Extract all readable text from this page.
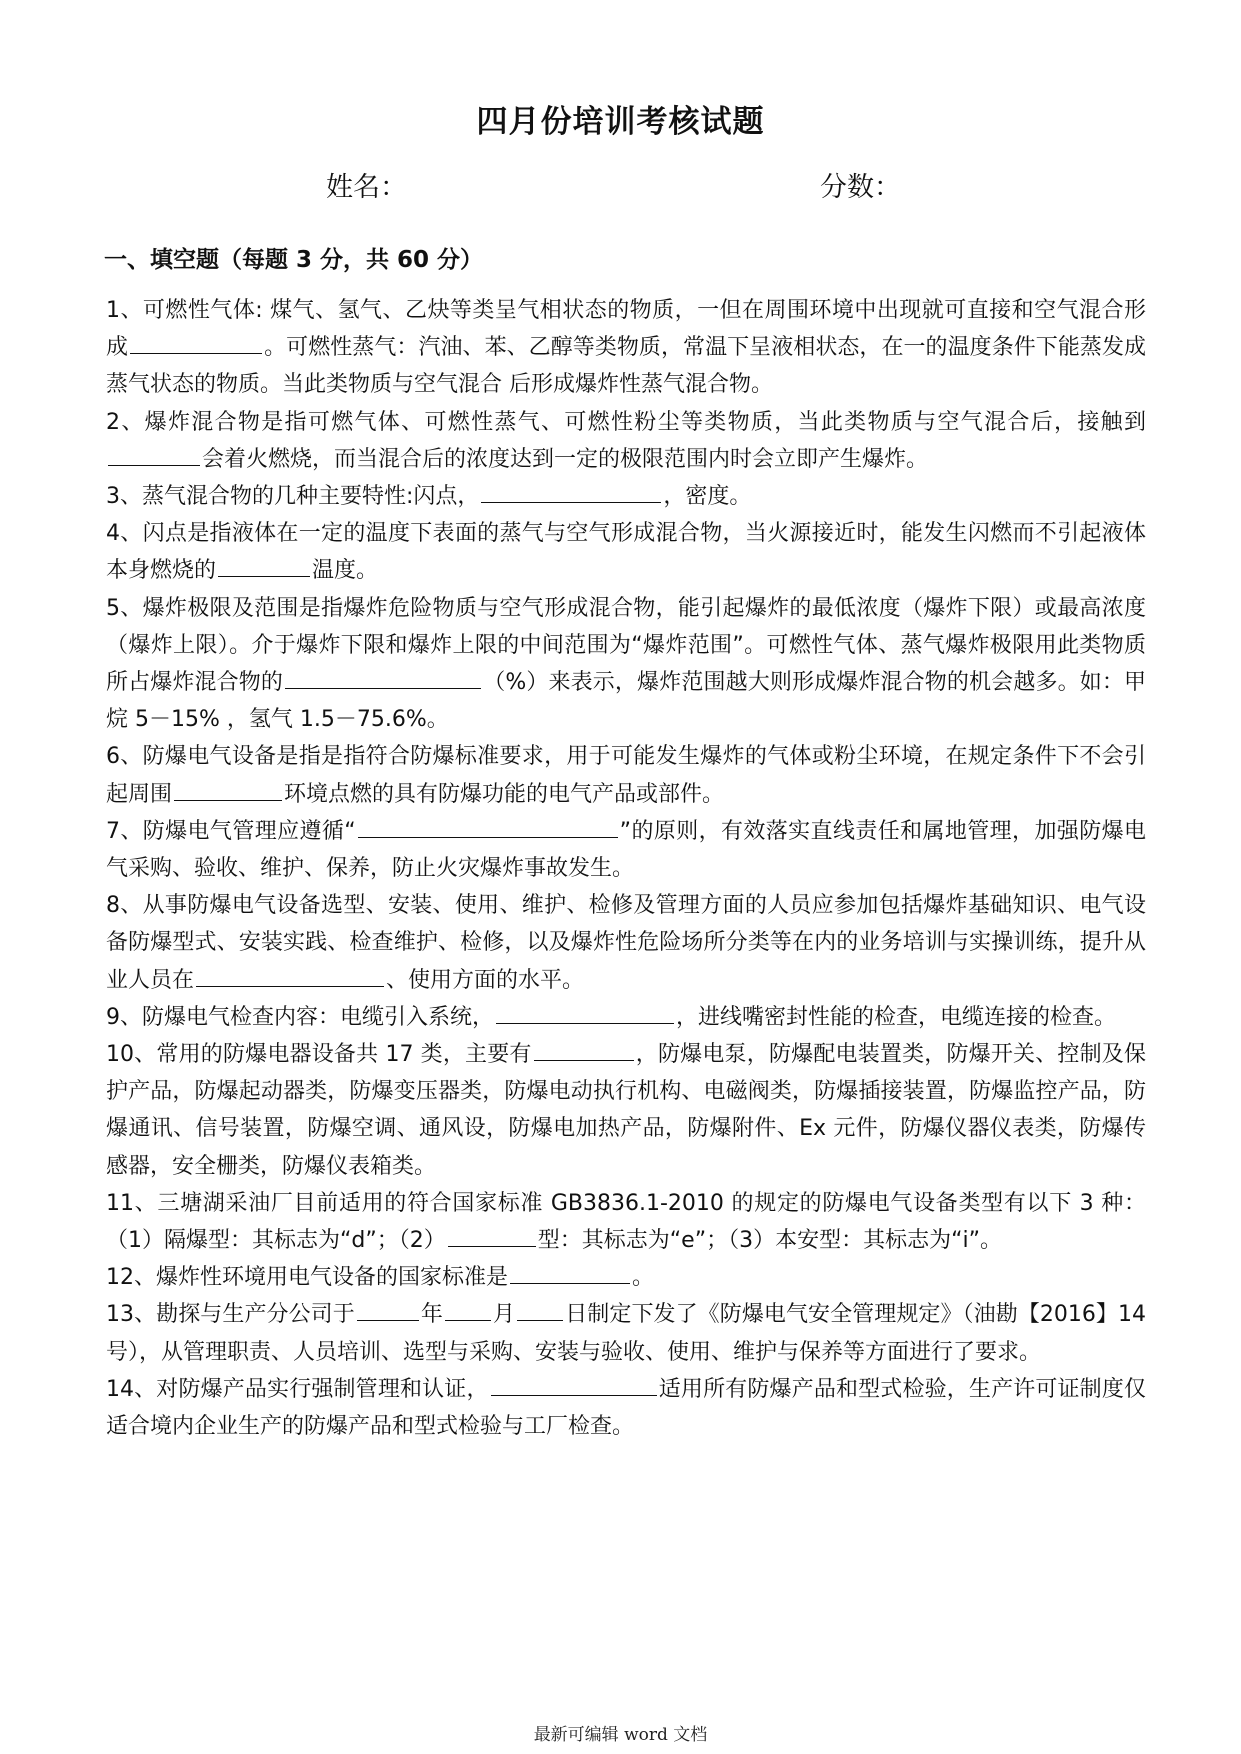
四月份培训考核试题
姓名：	分数：
一、填空题（每题 3 分，共 60 分）

1、可燃性气体: 煤气、氢气、乙炔等类呈气相状态的物质，一但在周围环境中出现就可直接和空气混合形成	。可燃性蒸气：汽油、苯、乙醇等类物质，常温下呈液相状态，在一的温度条件下能蒸发成蒸气状态的物质。当此类物质与空气混合 后形成爆炸性蒸气混合物。

2、爆炸混合物是指可燃气体、可燃性蒸气、可燃性粉尘等类物质，当此类物质与空气混合后，接触到会着火燃烧，而当混合后的浓度达到一定的极限范围内时会立即产生爆炸。

3、蒸气混合物的几种主要特性:闪点，	，密度。

4、闪点是指液体在一定的温度下表面的蒸气与空气形成混合物，当火源接近时，能发生闪燃而不引起液体本身燃烧的	温度。

5、爆炸极限及范围是指爆炸危险物质与空气形成混合物，能引起爆炸的最低浓度（爆炸下限）或最高浓度（爆炸上限）。介于爆炸下限和爆炸上限的中间范围为“爆炸范围”。可燃性气体、蒸气爆炸极限用此类物质所占爆炸混合物的	（%）来表示，爆炸范围越大则形成爆炸混合物的机会越多。如：甲烷 5－15% ，氢气 1.5－75.6%。

6、防爆电气设备是指是指符合防爆标准要求，用于可能发生爆炸的气体或粉尘环境，在规定条件下不会引起周围	环境点燃的具有防爆功能的电气产品或部件。

7、防爆电气管理应遵循“	”的原则，有效落实直线责任和属地管理，加强防爆电气采购、验收、维护、保养，防止火灾爆炸事故发生。

8、从事防爆电气设备选型、安装、使用、维护、检修及管理方面的人员应参加包括爆炸基础知识、电气设备防爆型式、安装实践、检查维护、检修，以及爆炸性危险场所分类等在内的业务培训与实操训练，提升从业人员在	、使用方面的水平。

9、防爆电气检查内容：电缆引入系统，	，进线嘴密封性能的检查，电缆连接的检查。

10、常用的防爆电器设备共 17 类，主要有	，防爆电泵，防爆配电装置类，防爆开关、控制及保护产品，防爆起动器类，防爆变压器类，防爆电动执行机构、电磁阀类，防爆插接装置，防爆监控产品，防爆通讯、信号装置，防爆空调、通风设，防爆电加热产品，防爆附件、Ex 元件，防爆仪器仪表类，防爆传感器，安全栅类，防爆仪表箱类。

11、三塘湖采油厂目前适用的符合国家标准 GB3836.1-2010 的规定的防爆电气设备类型有以下 3 种：（1）隔爆型：其标志为“d”；（2）	型：其标志为“e”；（3）本安型：其标志为“i”。

12、爆炸性环境用电气设备的国家标准是	。

13、勘探与生产分公司于	年 月 日制定下发了《防爆电气安全管理规定》（油勘【2016】14 号），从管理职责、人员培训、选型与采购、安装与验收、使用、维护与保养等方面进行了要求。

14、对防爆产品实行强制管理和认证，	适用所有防爆产品和型式检验，生产许可证制度仅适合境内企业生产的防爆产品和型式检验与工厂检查。

最新可编辑 word 文档
